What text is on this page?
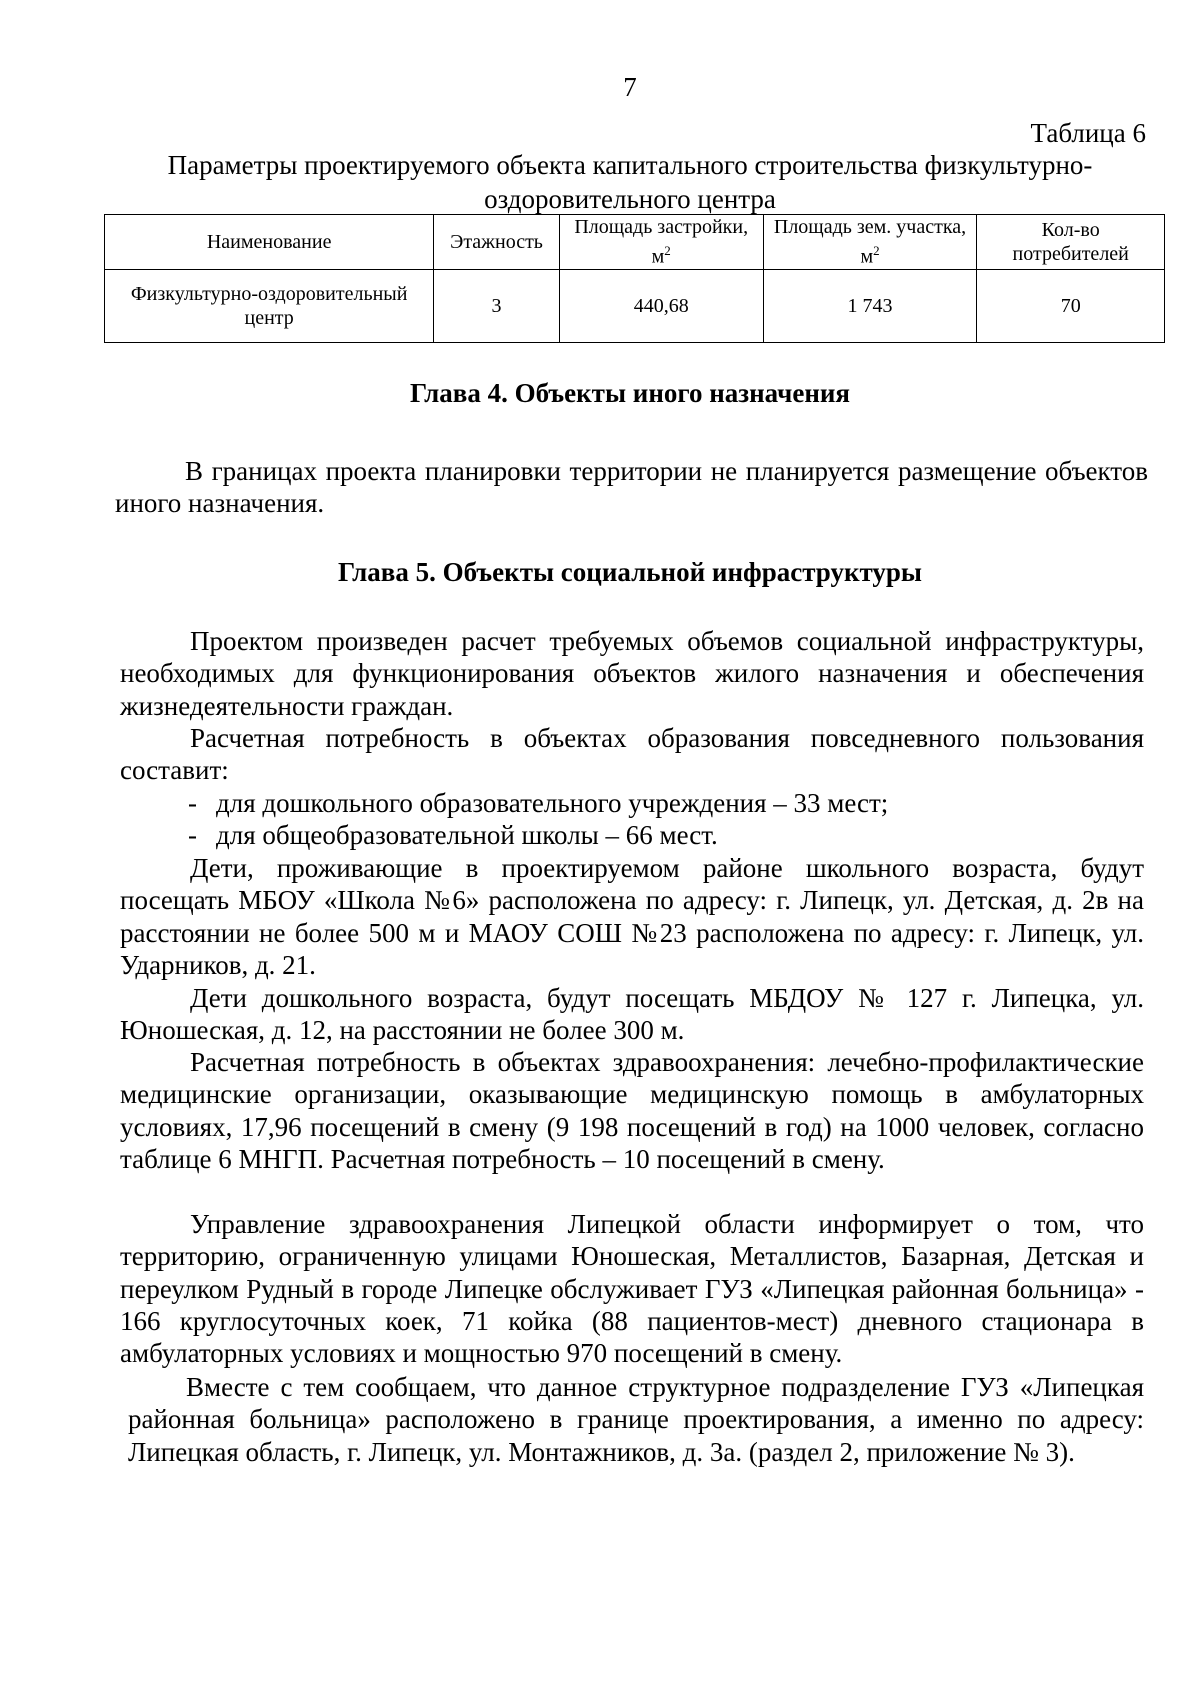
7
Таблица 6
Параметры проектируемого объекта капитального строительства физкультурно-оздоровительного центра
Наименование	Этажность	Площадь застройки, $м^2$	Площадь зем. участка, $м^2$	Кол-во потребителей
Физкультурно-оздоровительный центр	3	440,68	1 743	70
Глава 4. Объекты иного назначения

В границах проекта планировки территории не планируется размещение объектов иного назначения.

Глава 5. Объекты социальной инфраструктуры

Проектом произведен расчет требуемых объемов социальной инфраструктуры, необходимых для функционирования объектов жилого назначения и обеспечения жизнедеятельности граждан.

Расчетная потребность в объектах образования повседневного пользования составит:

- для дошкольного образовательного учреждения – 33 мест;
- для общеобразовательной школы – 66 мест.

Дети, проживающие в проектируемом районе школьного возраста, будут посещать МБОУ «Школа №6» расположена по адресу: г. Липецк, ул. Детская, д. 2в на расстоянии не более 500 м и МАОУ СОШ №23 расположена по адресу: г. Липецк, ул. Ударников, д. 21.

Дети дошкольного возраста, будут посещать МБДОУ № 127 г. Липецка, ул. Юношеская, д. 12, на расстоянии не более 300 м.

Расчетная потребность в объектах здравоохранения: лечебно-профилактические медицинские организации, оказывающие медицинскую помощь в амбулаторных условиях, 17,96 посещений в смену (9 198 посещений в год) на 1000 человек, согласно таблице 6 МНГП. Расчетная потребность – 10 посещений в смену.

Управление здравоохранения Липецкой области информирует о том, что территорию, ограниченную улицами Юношеская, Металлистов, Базарная, Детская и переулком Рудный в городе Липецке обслуживает ГУЗ «Липецкая районная больница» - 166 круглосуточных коек, 71 койка (88 пациентов-мест) дневного стационара в амбулаторных условиях и мощностью 970 посещений в смену.

Вместе с тем сообщаем, что данное структурное подразделение ГУЗ «Липецкая районная больница» расположено в границе проектирования, а именно по адресу: Липецкая область, г. Липецк, ул. Монтажников, д. 3а. (раздел 2, приложение № 3).
